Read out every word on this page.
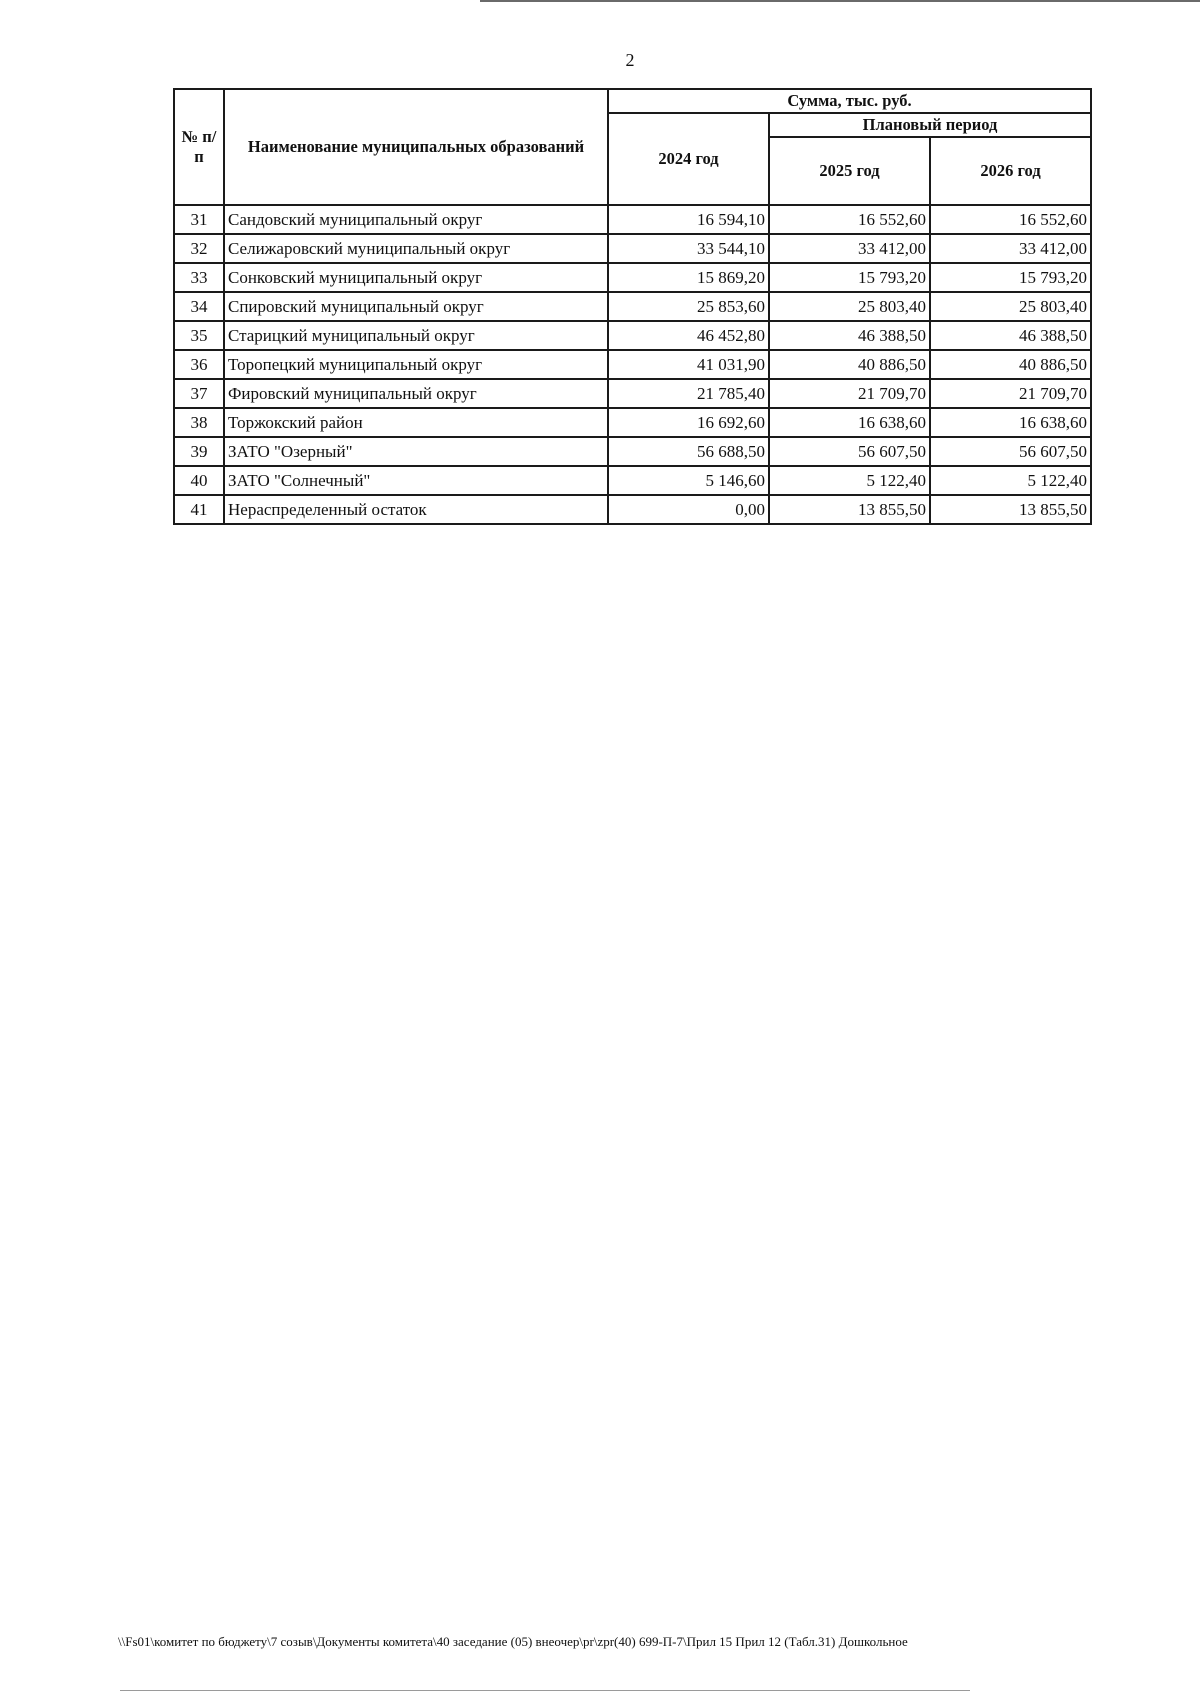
2
№ п/п	Наименование муниципальных образований	Сумма, тыс. руб.		
		2024 год	Плановый период	
			2025 год	2026 год
31	Сандовский муниципальный округ	16 594,10	16 552,60	16 552,60
32	Селижаровский муниципальный округ	33 544,10	33 412,00	33 412,00
33	Сонковский муниципальный округ	15 869,20	15 793,20	15 793,20
34	Спировский муниципальный округ	25 853,60	25 803,40	25 803,40
35	Старицкий муниципальный округ	46 452,80	46 388,50	46 388,50
36	Торопецкий муниципальный округ	41 031,90	40 886,50	40 886,50
37	Фировский муниципальный округ	21 785,40	21 709,70	21 709,70
38	Торжокский район	16 692,60	16 638,60	16 638,60
39	ЗАТО "Озерный"	56 688,50	56 607,50	56 607,50
40	ЗАТО "Солнечный"	5 146,60	5 122,40	5 122,40
41	Нераспределенный остаток	0,00	13 855,50	13 855,50
\\Fs01\комитет по бюджету\7 созыв\Документы комитета\40 заседание (05) внеочер\pr\zpr(40) 699-П-7\Прил 15 Прил 12 (Табл.31) Дошкольное
